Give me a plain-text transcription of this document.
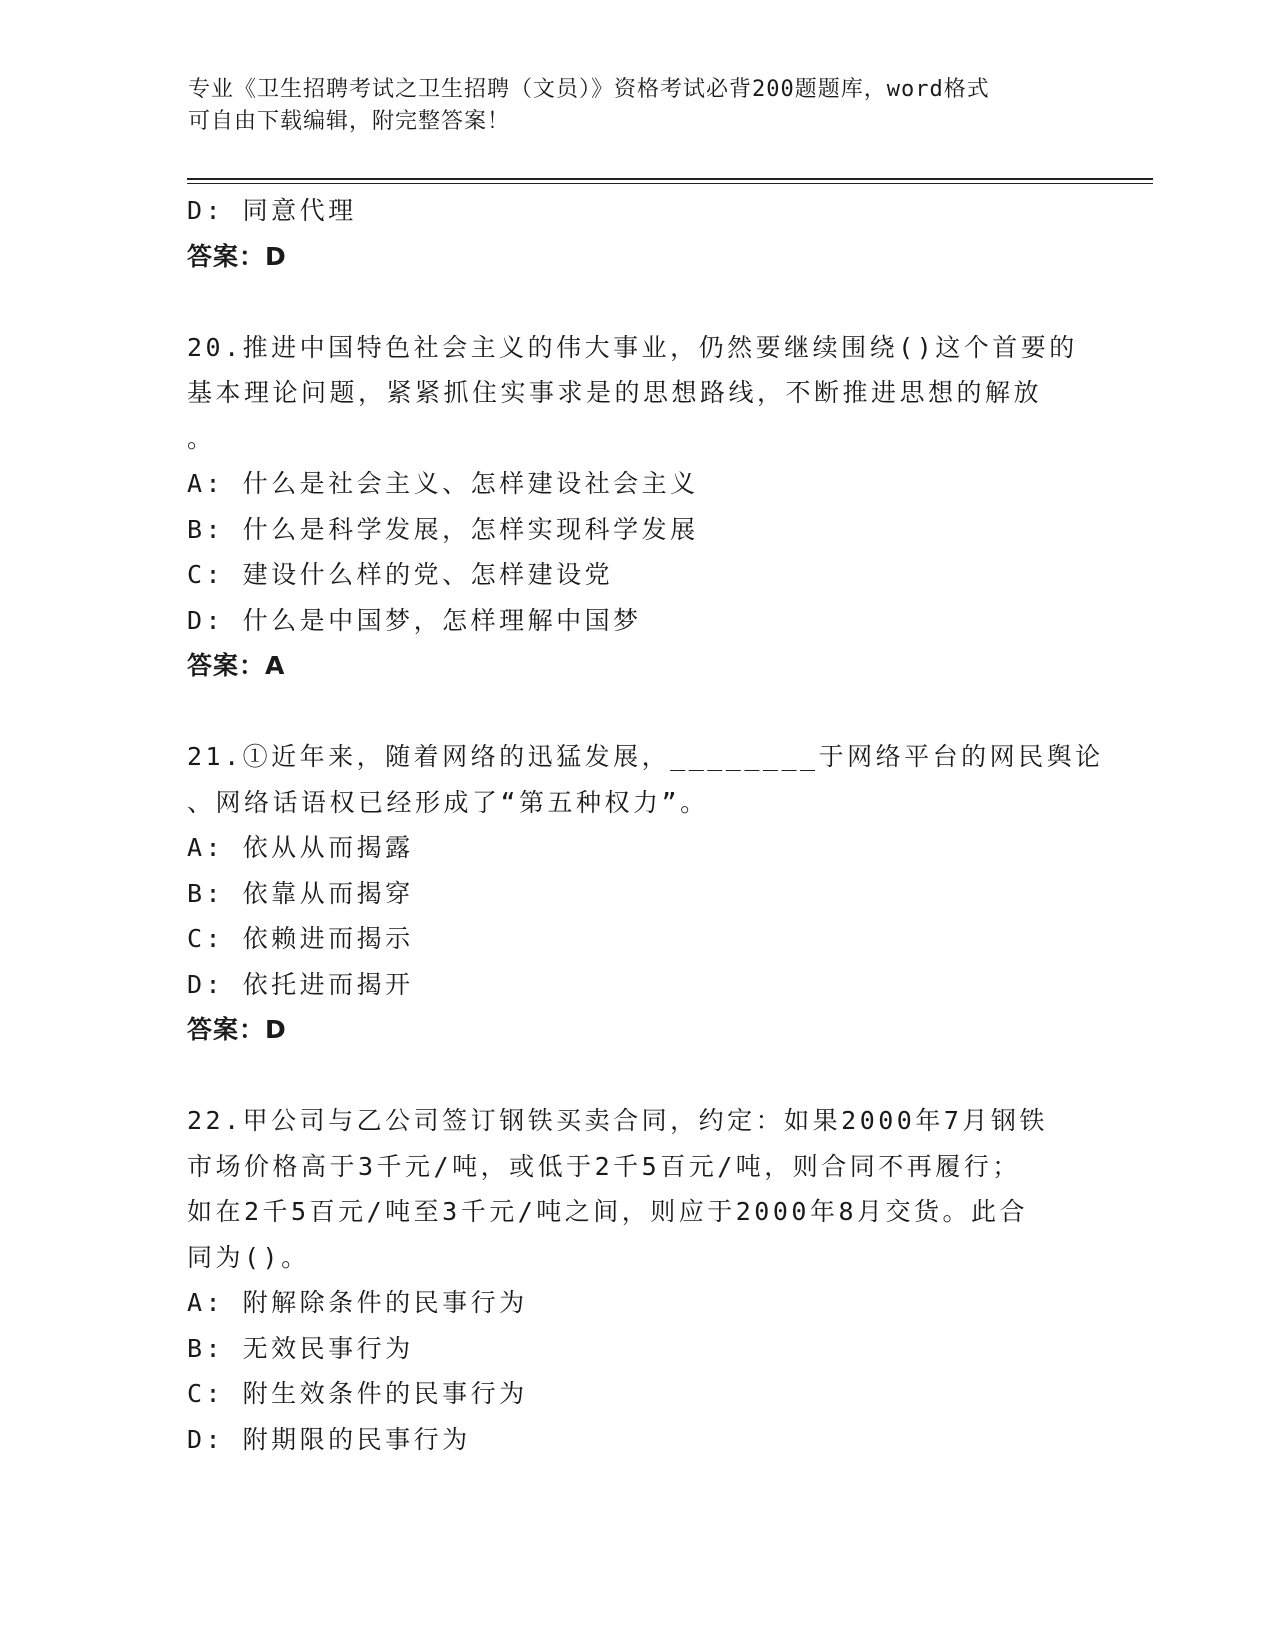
专业《卫生招聘考试之卫生招聘（文员）》资格考试必背200题题库，word格式
可自由下载编辑，附完整答案！
D: 同意代理
答案：D
20.推进中国特色社会主义的伟大事业，仍然要继续围绕()这个首要的
基本理论问题，紧紧抓住实事求是的思想路线，不断推进思想的解放
。
A: 什么是社会主义、怎样建设社会主义
B: 什么是科学发展，怎样实现科学发展
C: 建设什么样的党、怎样建设党
D: 什么是中国梦，怎样理解中国梦
答案：A
21.①近年来，随着网络的迅猛发展，________于网络平台的网民舆论
、网络话语权已经形成了“第五种权力”。
A: 依从从而揭露
B: 依靠从而揭穿
C: 依赖进而揭示
D: 依托进而揭开
答案：D
22.甲公司与乙公司签订钢铁买卖合同，约定：如果2000年7月钢铁
市场价格高于3千元/吨，或低于2千5百元/吨，则合同不再履行；
如在2千5百元/吨至3千元/吨之间，则应于2000年8月交货。此合
同为()。
A: 附解除条件的民事行为
B: 无效民事行为
C: 附生效条件的民事行为
D: 附期限的民事行为
